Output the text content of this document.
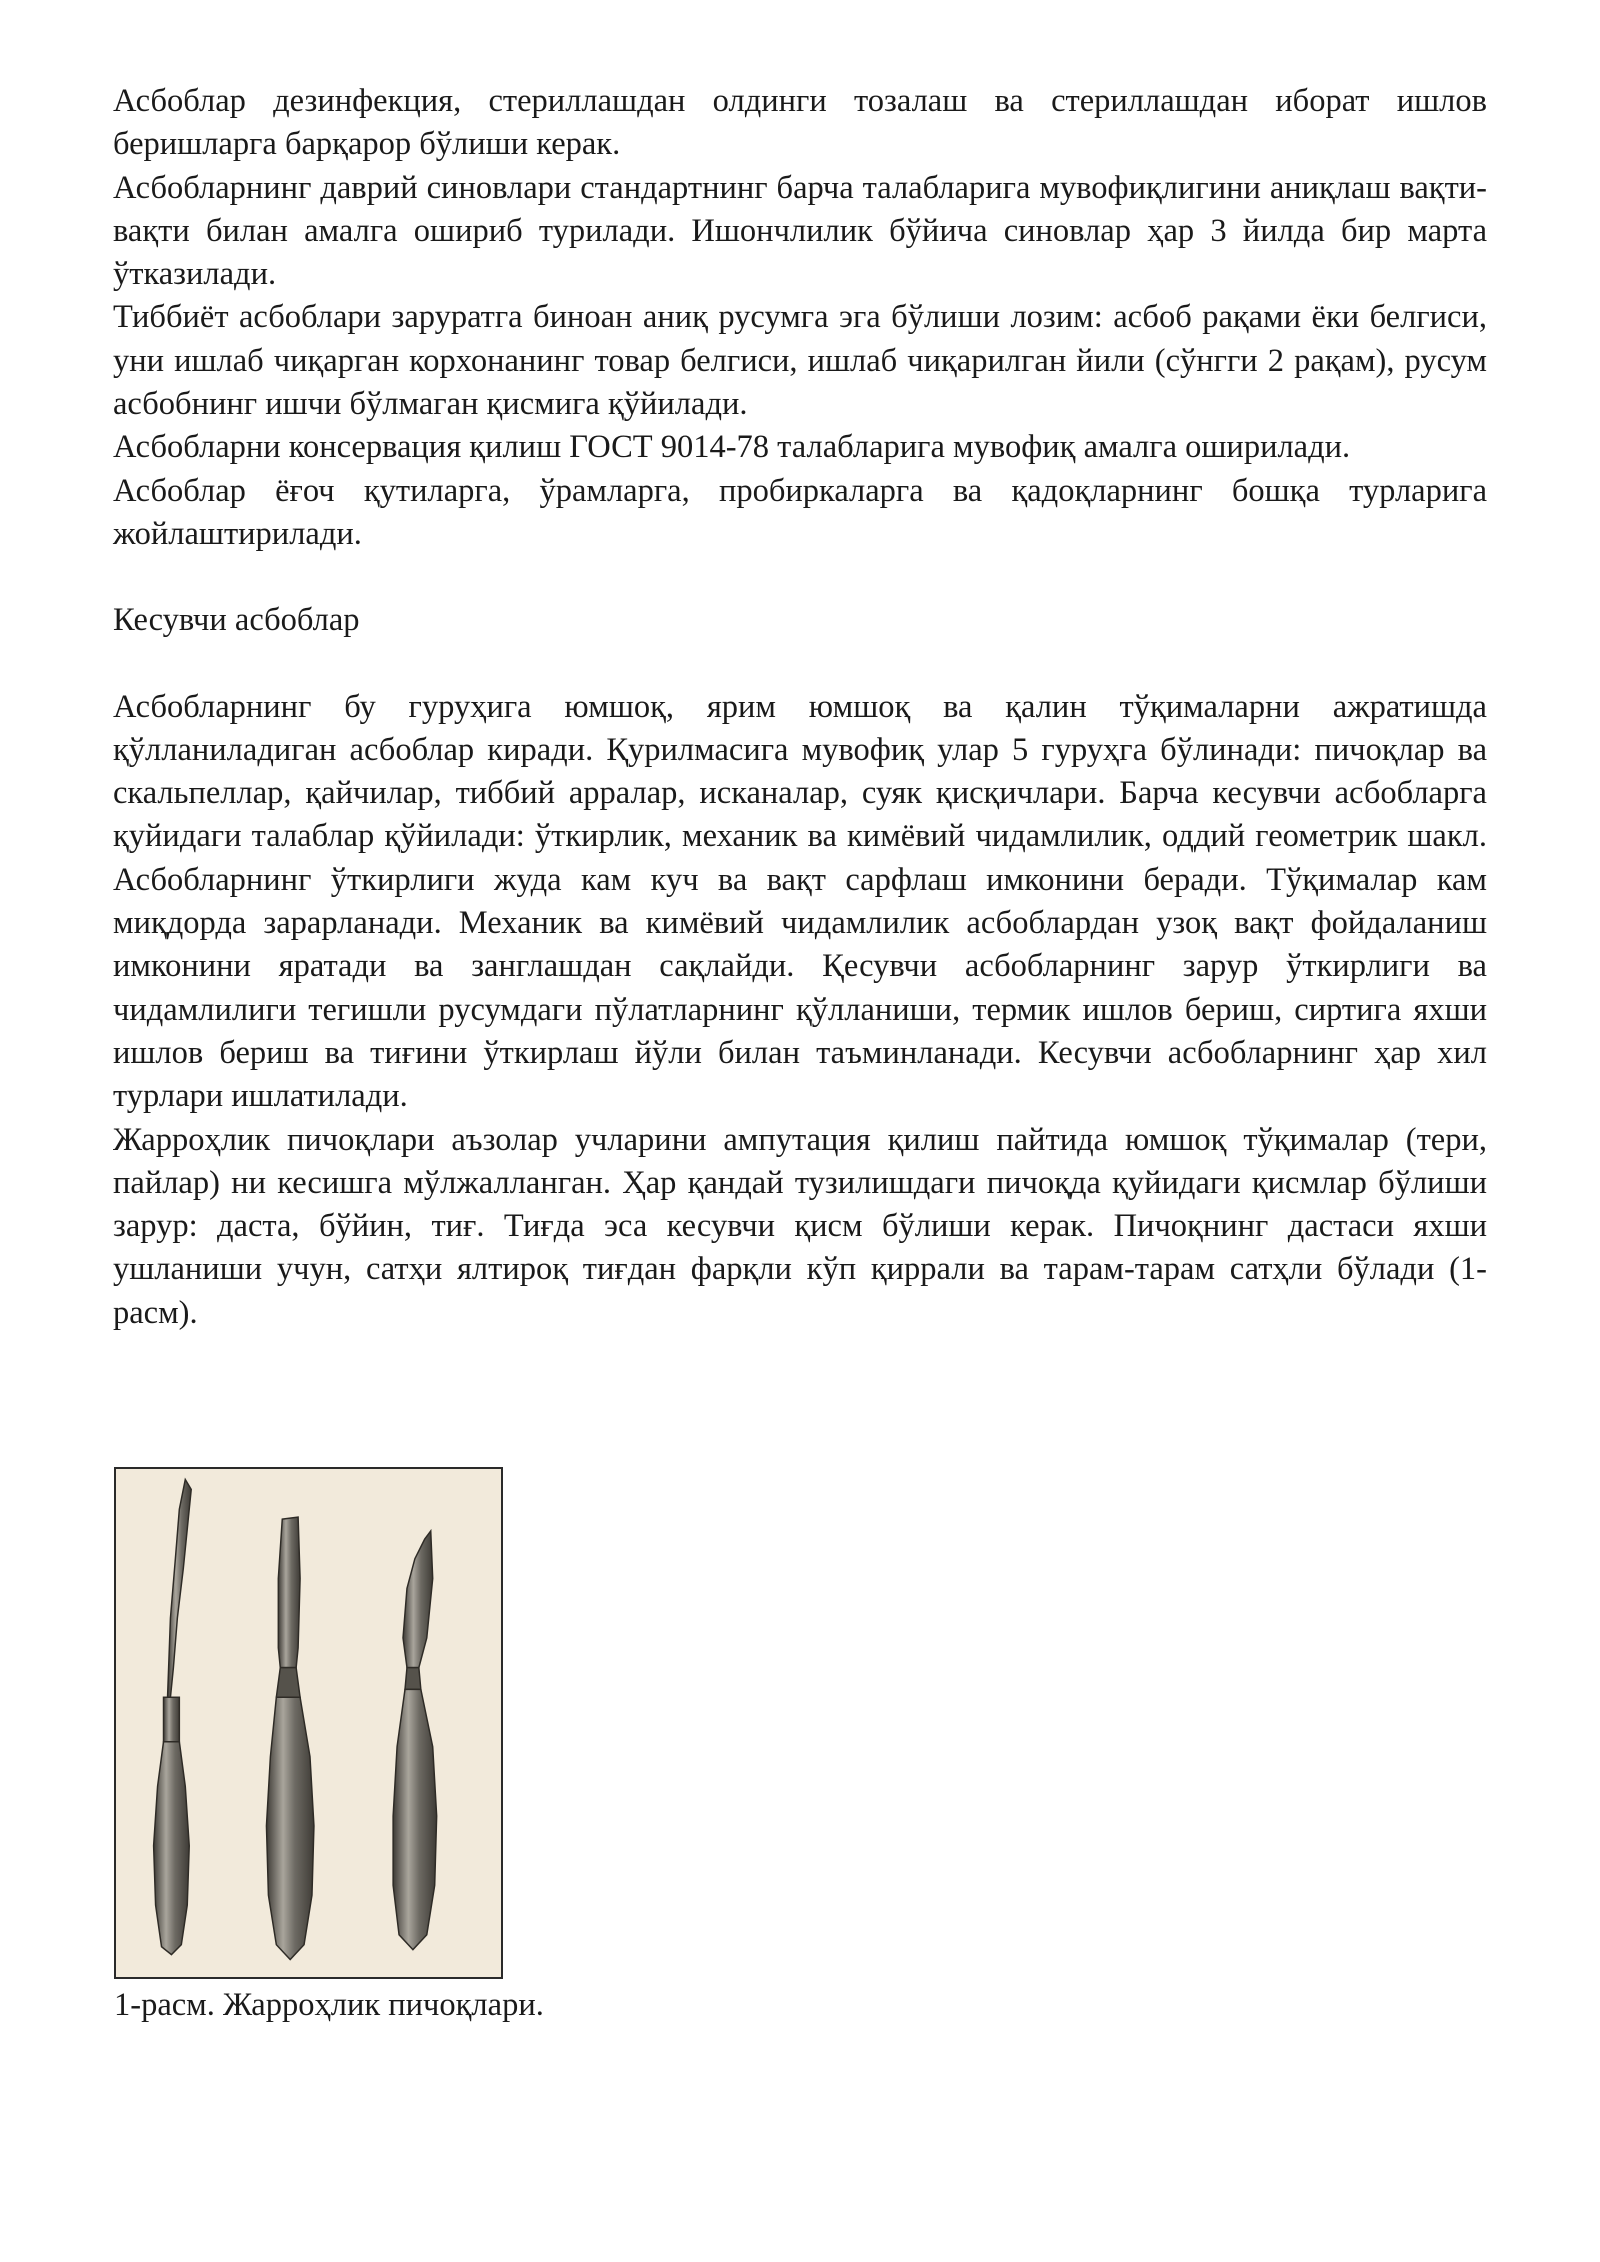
Асбоблар дезинфекция, стериллашдан олдинги тозалаш ва стериллашдан иборат ишлов беришларга барқарор бўлиши керак.

Асбобларнинг даврий синовлари стандартнинг барча талабларига мувофиқлигини аниқлаш вақти-вақти билан амалга ошириб турилади. Ишончлилик бўйича синовлар ҳар 3 йилда бир марта ўтказилади.

Тиббиёт асбоблари заруратга биноан аниқ русумга эга бўлиши лозим: асбоб рақами ёки белгиси, уни ишлаб чиқарган корхонанинг товар белгиси, ишлаб чиқарилган йили (сўнгги 2 рақам), русум асбобнинг ишчи бўлмаган қисмига қўйилади.

Асбобларни консервация қилиш ГОСТ 9014-78 талабларига мувофиқ амалга оширилади.

Асбоблар ёғоч қутиларга, ўрамларга, пробиркаларга ва қадоқларнинг бошқа турларига жойлаштирилади.

Кесувчи асбоблар

Асбобларнинг бу гуруҳига юмшоқ, ярим юмшоқ ва қалин тўқималарни ажратишда қўлланиладиган асбоблар киради. Қурилмасига мувофиқ улар 5 гуруҳга бўлинади: пичоқлар ва скальпеллар, қайчилар, тиббий арралар, исканалар, суяк қисқичлари. Барча кесувчи асбобларга қуйидаги талаблар қўйилади: ўткирлик, механик ва кимёвий чидамлилик, оддий геометрик шакл. Асбобларнинг ўткирлиги жуда кам куч ва вақт сарфлаш имконини беради. Тўқималар кам миқдорда зарарланади. Механик ва кимёвий чидамлилик асбоблардан узоқ вақт фойдаланиш имконини яратади ва занглашдан сақлайди. Қесувчи асбобларнинг зарур ўткирлиги ва чидамлилиги тегишли русумдаги пўлатларнинг қўлланиши, термик ишлов бериш, сиртига яхши ишлов бериш ва тиғини ўткирлаш йўли билан таъминланади. Кесувчи асбобларнинг ҳар хил турлари ишлатилади.

Жарроҳлик пичоқлари аъзолар учларини ампутация қилиш пайтида юмшоқ тўқималар (тери, пайлар) ни кесишга мўлжалланган. Ҳар қандай тузилишдаги пичоқда қуйидаги қисмлар бўлиши зарур: даста, бўйин, тиғ. Тиғда эса кесувчи қисм бўлиши керак. Пичоқнинг дастаси яхши ушланиши учун, сатҳи ялтироқ тиғдан фарқли кўп қиррали ва тарам-тарам сатҳли бўлади (1-расм).

1-расм. Жарроҳлик пичоқлари.
